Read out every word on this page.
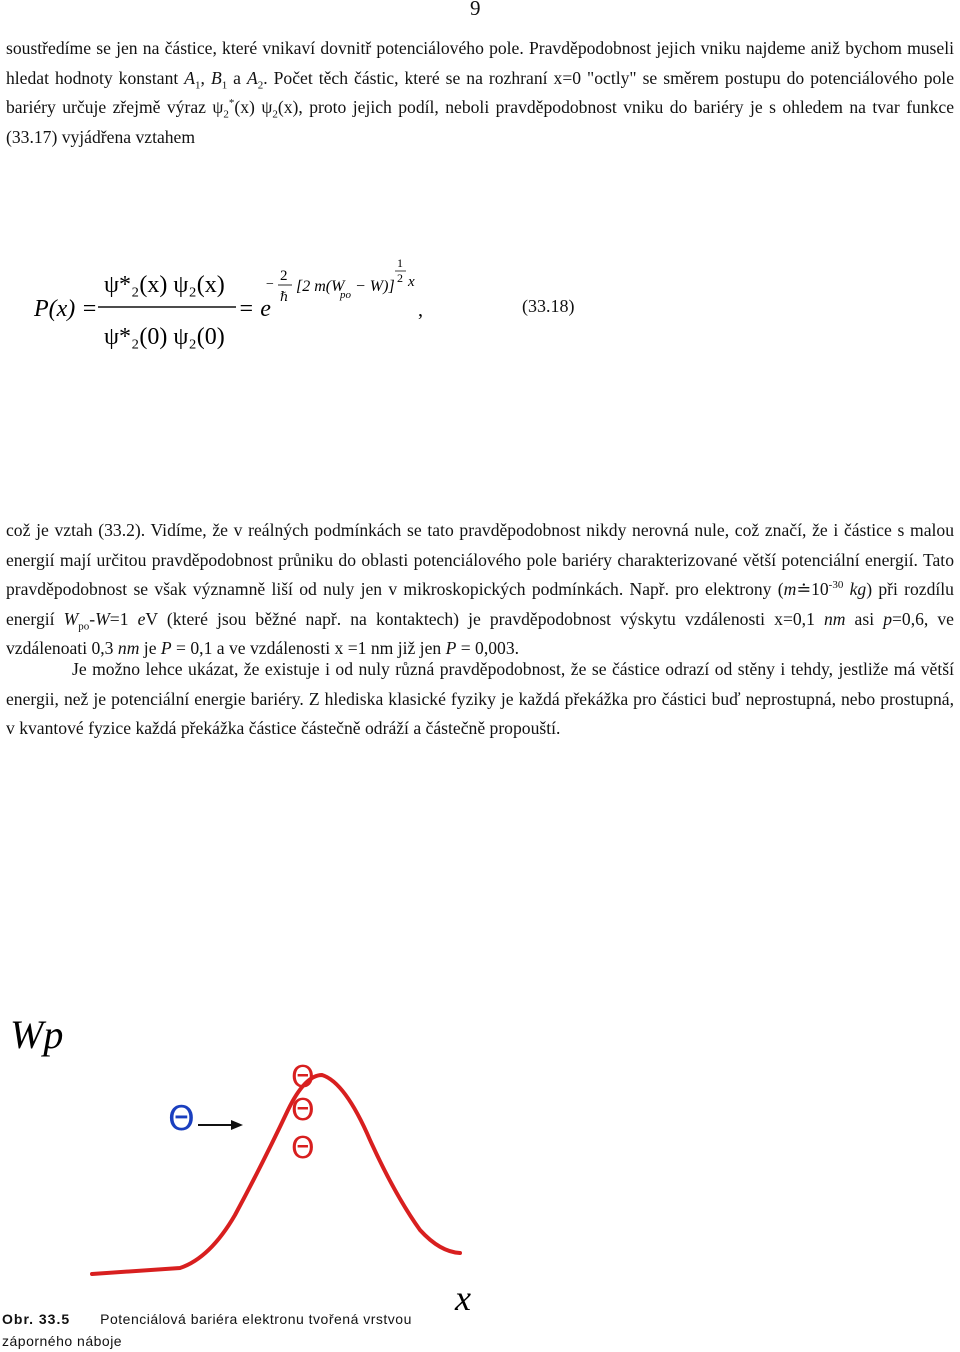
9

soustředíme se jen na částice, které vnikaví dovnitř potenciálového pole. Pravděpodobnost jejich vniku najdeme aniž bychom museli hledat hodnoty konstant $A_1$, $B_1$ a $A_2$. Počet těch částic, které se na rozhraní x=0 "octly" se směrem postupu do potenciálového pole bariéry určuje zřejmě výraz $\psi_2^*(x)$ $\psi_2(x)$, proto jejich podíl, neboli pravděpodobnost vniku do bariéry je s ohledem na tvar funkce (33.17) vyjádřena vztahem

P(x) =
ψ*₂(x) ψ₂(x)
ψ*₂(0) ψ₂(0)
= e
−
2
ℏ
[2 m(W
po − W)]
1
2 x
,	(33.18)

což je vztah (33.2). Vidíme, že v reálných podmínkách se tato pravděpodobnost nikdy nerovná nule, což značí, že i částice s malou energií mají určitou pravděpodobnost průniku do oblasti potenciálového pole bariéry charakterizované větší potenciální energií. Tato pravděpodobnost se však významně liší od nuly jen v mikroskopických podmínkách. Např. pro elektrony ($m≐10^{-30}$ kg) při rozdílu energií $W_{po}-W=1$ eV (které jsou běžné např. na kontaktech) je pravděpodobnost výskytu vzdálenosti x=0,1 nm asi p=0,6, ve vzdálenoati 0,3 nm je P = 0,1 a ve vzdálenosti x =1 nm již jen P = 0,003.

Je možno lehce ukázat, že existuje i od nuly různá pravděpodobnost, že se částice odrazí od stěny i tehdy, jestliže má větší energii, než je potenciální energie bariéry. Z hlediska klasické fyziky je každá překážka pro částici buď neprostupná, nebo prostupná, v kvantové fyzice každá překážka částice částečně odráží a částečně propouští.

Wp
x
Θ
Θ
Θ
Θ
Obr. 33.5 Potenciálová bariéra elektronu tvořená vrstvou záporného náboje
